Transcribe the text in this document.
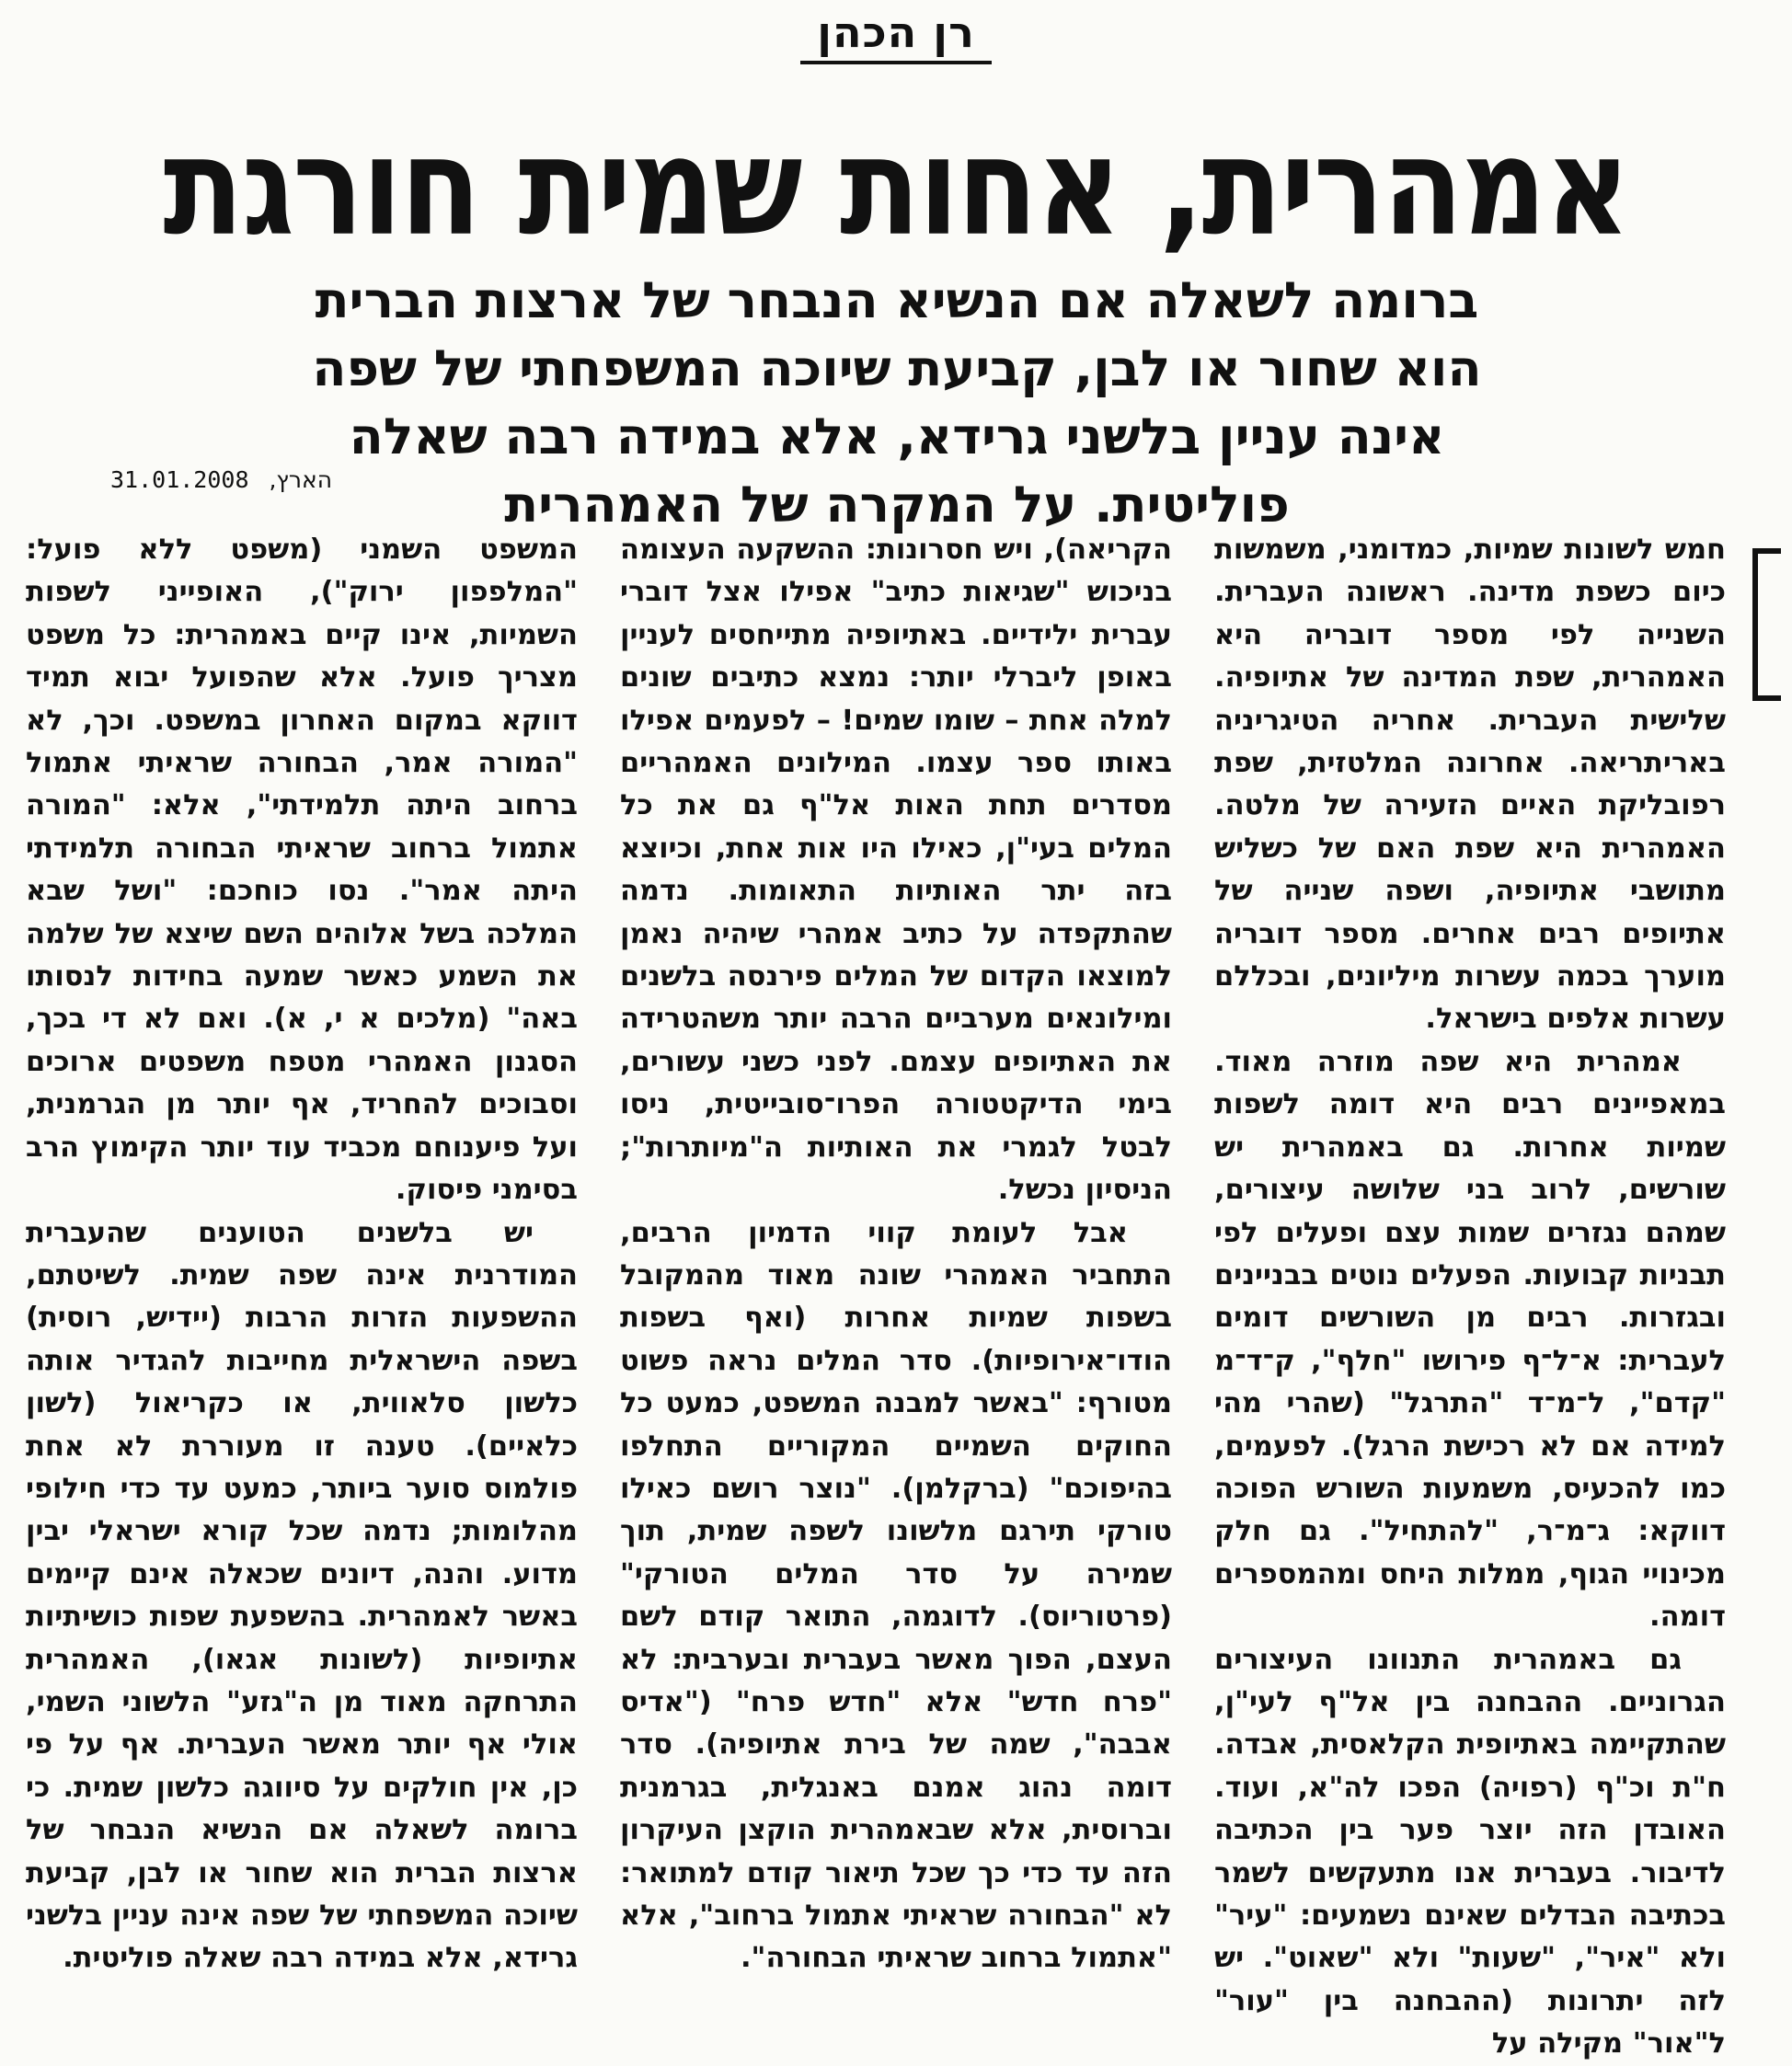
רן הכהן
אמהרית, אחות שמית חורגת
ברומה לשאלה אם הנשיא הנבחר של ארצות הברית הוא שחור או לבן, קביעת שיוכה המשפחתי של שפה אינה עניין בלשני גרידא, אלא במידה רבה שאלה פוליטית. על המקרה של האמהרית
הארץ, 31.01.2008

חמש לשונות שמיות, כמדומני, משמשות כיום כשפת מדינה. ראשונה העברית. השנייה לפי מספר דובריה היא האמהרית, שפת המדינה של אתיופיה. שלישית העברית. אחריה הטיגריניה באריתריאה. אחרונה המלטזית, שפת רפובליקת האיים הזעירה של מלטה. האמהרית היא שפת האם של כשליש מתושבי אתיופיה, ושפה שנייה של אתיופים רבים אחרים. מספר דובריה מוערך בכמה עשרות מיליונים, ובכללם עשרות אלפים בישראל.

אמהרית היא שפה מוזרה מאוד. במאפיינים רבים היא דומה לשפות שמיות אחרות. גם באמהרית יש שורשים, לרוב בני שלושה עיצורים, שמהם נגזרים שמות עצם ופעלים לפי תבניות קבועות. הפעלים נוטים בבניינים ובגזרות. רבים מן השורשים דומים לעברית: א־ל־ף פירושו "חלף", ק־ד־מ "קדם", ל־מ־ד "התרגל" (שהרי מהי למידה אם לא רכישת הרגל). לפעמים, כמו להכעיס, משמעות השורש הפוכה דווקא: ג־מ־ר, "להתחיל". גם חלק מכינויי הגוף, ממלות היחס ומהמספרים דומה.

גם באמהרית התנוונו העיצורים הגרוניים. ההבחנה בין אל"ף לעי"ן, שהתקיימה באתיופית הקלאסית, אבדה. ח"ת וכ"ף (רפויה) הפכו לה"א, ועוד. האובדן הזה יוצר פער בין הכתיבה לדיבור. בעברית אנו מתעקשים לשמר בכתיבה הבדלים שאינם נשמעים: "עיר" ולא "איר", "שעות" ולא "שאוט". יש לזה יתרונות (ההבחנה בין "עור" ל"אור" מקילה על

הקריאה), ויש חסרונות: ההשקעה העצומה בניכוש "שגיאות כתיב" אפילו אצל דוברי עברית ילידיים. באתיופיה מתייחסים לעניין באופן ליברלי יותר: נמצא כתיבים שונים למלה אחת – שומו שמים! – לפעמים אפילו באותו ספר עצמו. המילונים האמהריים מסדרים תחת האות אל"ף גם את כל המלים בעי"ן, כאילו היו אות אחת, וכיוצא בזה יתר האותיות התאומות. נדמה שהתקפדה על כתיב אמהרי שיהיה נאמן למוצאו הקדום של המלים פירנסה בלשנים ומילונאים מערביים הרבה יותר משהטרידה את האתיופים עצמם. לפני כשני עשורים, בימי הדיקטטורה הפרו־סובייטית, ניסו לבטל לגמרי את האותיות ה"מיותרות"; הניסיון נכשל.

אבל לעומת קווי הדמיון הרבים, התחביר האמהרי שונה מאוד מהמקובל בשפות שמיות אחרות (ואף בשפות הודו־אירופיות). סדר המלים נראה פשוט מטורף: "באשר למבנה המשפט, כמעט כל החוקים השמיים המקוריים התחלפו בהיפוכם" (ברקלמן). "נוצר רושם כאילו טורקי תירגם מלשונו לשפה שמית, תוך שמירה על סדר המלים הטורקי" (פרטוריוס). לדוגמה, התואר קודם לשם העצם, הפוך מאשר בעברית ובערבית: לא "פרח חדש" אלא "חדש פרח" ("אדיס אבבה", שמה של בירת אתיופיה). סדר דומה נהוג אמנם באנגלית, בגרמנית וברוסית, אלא שבאמהרית הוקצן העיקרון הזה עד כדי כך שכל תיאור קודם למתואר: לא "הבחורה שראיתי אתמול ברחוב", אלא "אתמול ברחוב שראיתי הבחורה".

המשפט השמני (משפט ללא פועל: "המלפפון ירוק"), האופייני לשפות השמיות, אינו קיים באמהרית: כל משפט מצריך פועל. אלא שהפועל יבוא תמיד דווקא במקום האחרון במשפט. וכך, לא "המורה אמר, הבחורה שראיתי אתמול ברחוב היתה תלמידתי", אלא: "המורה אתמול ברחוב שראיתי הבחורה תלמידתי היתה אמר". נסו כוחכם: "ושל שבא המלכה בשל אלוהים השם שיצא של שלמה את השמע כאשר שמעה בחידות לנסותו באה" (מלכים א י, א). ואם לא די בכך, הסגנון האמהרי מטפח משפטים ארוכים וסבוכים להחריד, אף יותר מן הגרמנית, ועל פיענוחם מכביד עוד יותר הקימוץ הרב בסימני פיסוק.

יש בלשנים הטוענים שהעברית המודרנית אינה שפה שמית. לשיטתם, ההשפעות הזרות הרבות (יידיש, רוסית) בשפה הישראלית מחייבות להגדיר אותה כלשון סלאווית, או כקריאול (לשון כלאיים). טענה זו מעוררת לא אחת פולמוס סוער ביותר, כמעט עד כדי חילופי מהלומות; נדמה שכל קורא ישראלי יבין מדוע. והנה, דיונים שכאלה אינם קיימים באשר לאמהרית. בהשפעת שפות כושיתיות אתיופיות (לשונות אגאו), האמהרית התרחקה מאוד מן ה"גזע" הלשוני השמי, אולי אף יותר מאשר העברית. אף על פי כן, אין חולקים על סיווגה כלשון שמית. כי ברומה לשאלה אם הנשיא הנבחר של ארצות הברית הוא שחור או לבן, קביעת שיוכה המשפחתי של שפה אינה עניין בלשני גרידא, אלא במידה רבה שאלה פוליטית.
